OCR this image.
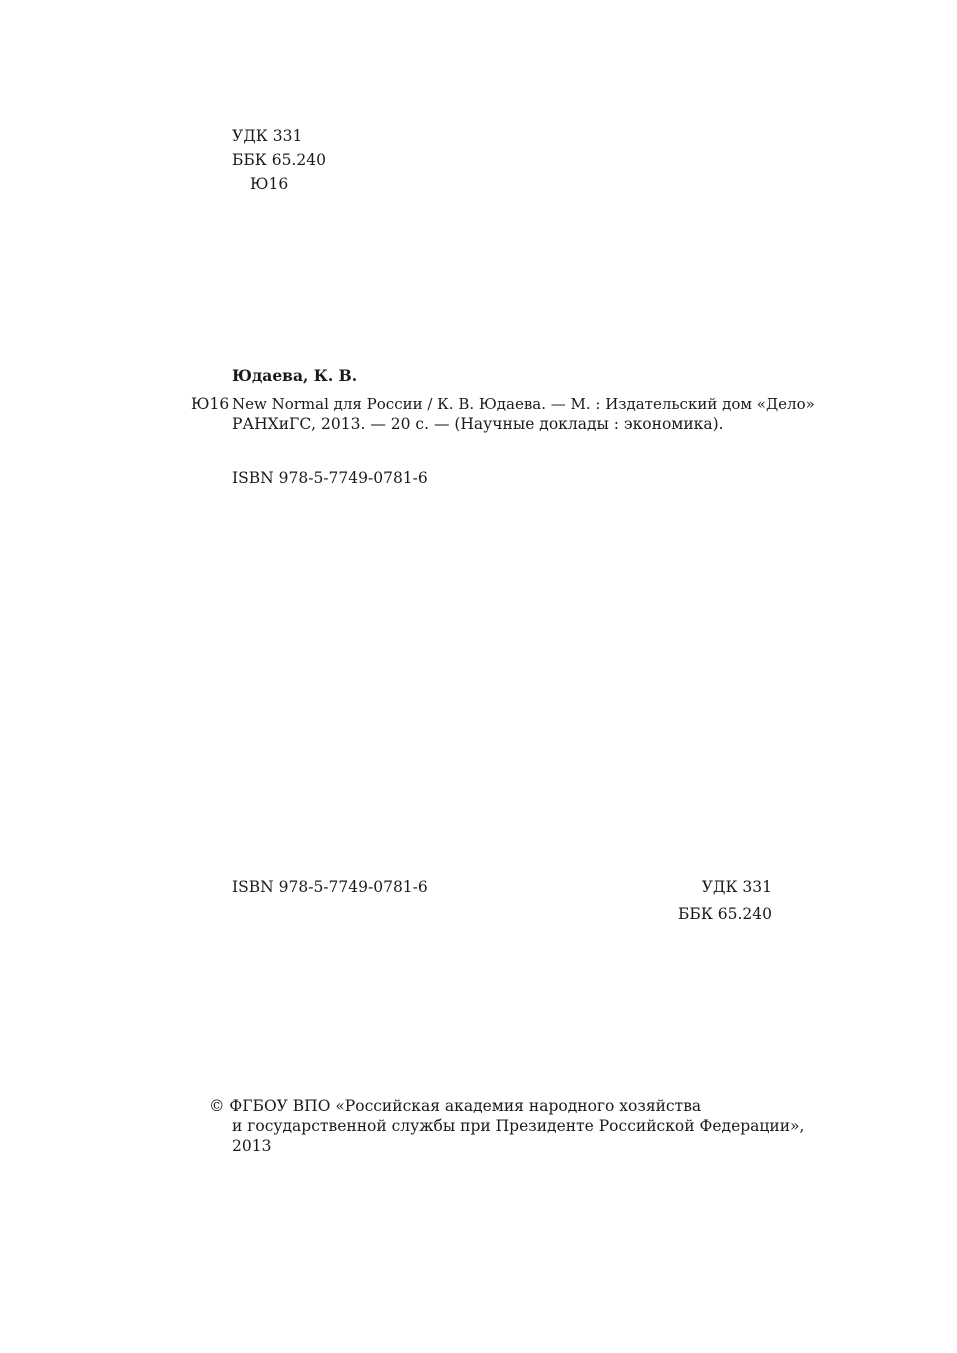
УДК 331
ББК 65.240
Ю16
Юдаева, К. В.
Ю16 New Normal для России / К. В. Юдаева. — М. : Издательский дом «Дело»
РАНХиГС, 2013. — 20 с. — (Научные доклады : экономика).
ISBN 978-5-7749-0781-6
ISBN 978-5-7749-0781-6	УДК 331
ББК 65.240
© ФГБОУ ВПО «Российская академия народного хозяйства
и государственной службы при Президенте Российской Федерации»,
2013
